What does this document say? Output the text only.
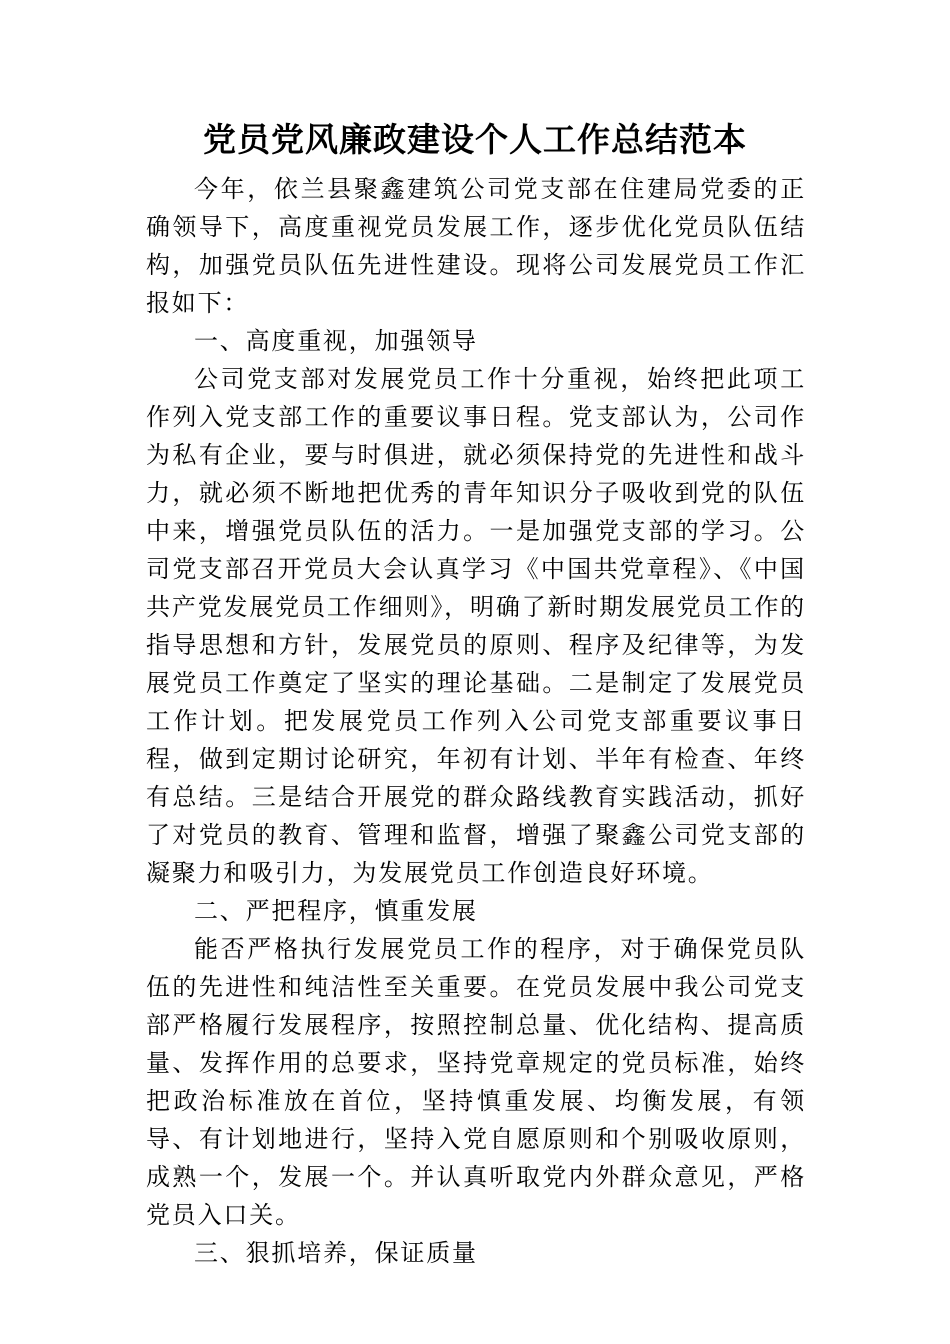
党员党风廉政建设个人工作总结范本

今年，依兰县聚鑫建筑公司党支部在住建局党委的正确领导下，高度重视党员发展工作，逐步优化党员队伍结构，加强党员队伍先进性建设。现将公司发展党员工作汇报如下：

一、高度重视，加强领导

公司党支部对发展党员工作十分重视，始终把此项工作列入党支部工作的重要议事日程。党支部认为，公司作为私有企业，要与时俱进，就必须保持党的先进性和战斗力，就必须不断地把优秀的青年知识分子吸收到党的队伍中来，增强党员队伍的活力。一是加强党支部的学习。公司党支部召开党员大会认真学习《中国共党章程》、《中国共产党发展党员工作细则》，明确了新时期发展党员工作的指导思想和方针，发展党员的原则、程序及纪律等，为发展党员工作奠定了坚实的理论基础。二是制定了发展党员工作计划。把发展党员工作列入公司党支部重要议事日程，做到定期讨论研究，年初有计划、半年有检查、年终有总结。三是结合开展党的群众路线教育实践活动，抓好了对党员的教育、管理和监督，增强了聚鑫公司党支部的凝聚力和吸引力，为发展党员工作创造良好环境。

二、严把程序，慎重发展

能否严格执行发展党员工作的程序，对于确保党员队伍的先进性和纯洁性至关重要。在党员发展中我公司党支部严格履行发展程序，按照控制总量、优化结构、提高质量、发挥作用的总要求，坚持党章规定的党员标准，始终把政治标准放在首位，坚持慎重发展、均衡发展，有领导、有计划地进行，坚持入党自愿原则和个别吸收原则，成熟一个，发展一个。并认真听取党内外群众意见，严格党员入口关。

三、狠抓培养，保证质量
